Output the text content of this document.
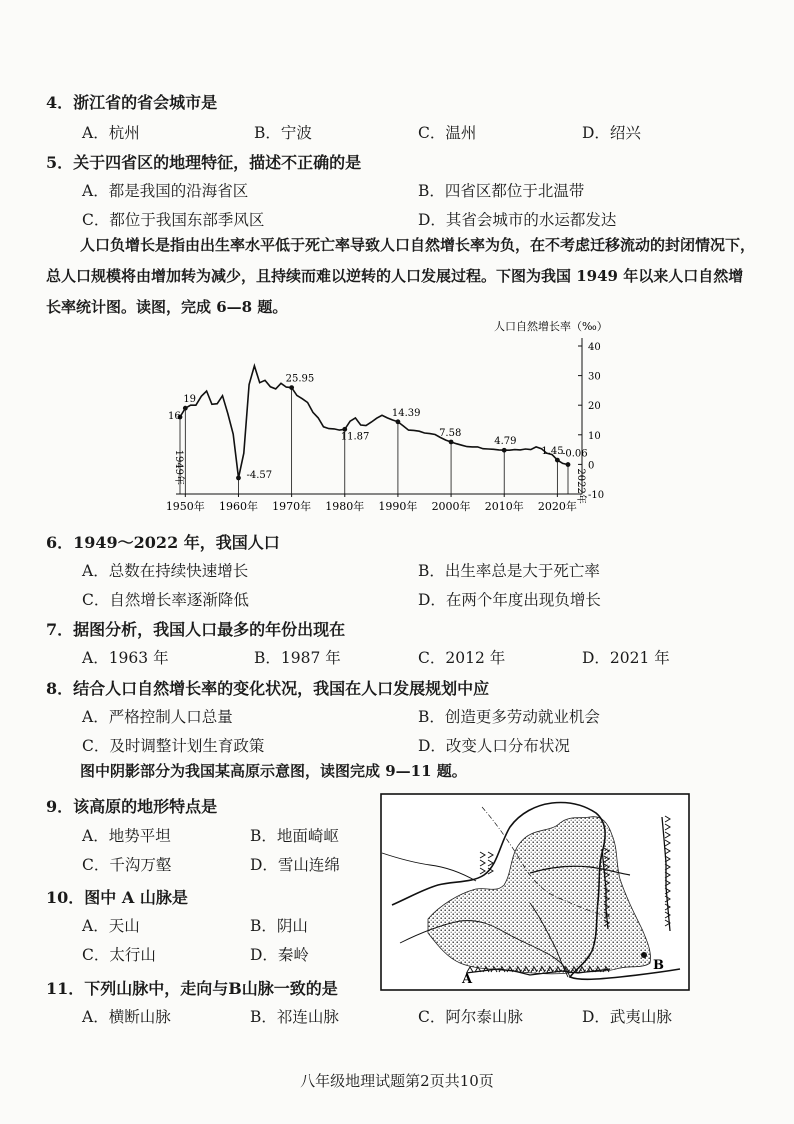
4．浙江省的省会城市是
A．杭州	B．宁波	C．温州	D．绍兴
5．关于四省区的地理特征，描述不正确的是
A．都是我国的沿海省区	B．四省区都位于北温带
C．都位于我国东部季风区	D．其省会城市的水运都发达
人口负增长是指由出生率水平低于死亡率导致人口自然增长率为负，在不考虑迁移流动的封闭情况下，总人口规模将由增加转为减少，且持续而难以逆转的人口发展过程。下图为我国 1949 年以来人口自然增长率统计图。读图，完成 6—8 题。
人口自然增长率（‰）
-10
0
10
20
30
40
16
19
-4.57
25.95
11.87
14.39
7.58
4.79
1.45
-0.06
1950年 1960年 1970年 1980年 1990年 2000年 2010年 2020年
1949年
2022年
6．1949～2022 年，我国人口
A．总数在持续快速增长	B．出生率总是大于死亡率
C．自然增长率逐渐降低	D．在两个年度出现负增长
7．据图分析，我国人口最多的年份出现在
A．1963 年	B．1987 年	C．2012 年	D．2021 年
8．结合人口自然增长率的变化状况，我国在人口发展规划中应
A．严格控制人口总量	B．创造更多劳动就业机会
C．及时调整计划生育政策	D．改变人口分布状况
图中阴影部分为我国某高原示意图，读图完成 9—11 题。
9．该高原的地形特点是
A．地势平坦	B．地面崎岖
C．千沟万壑	D．雪山连绵
10．图中 A 山脉是
A．天山	B．阴山
C．太行山	D．秦岭
11．下列山脉中，走向与B山脉一致的是
A．横断山脉	B．祁连山脉	C．阿尔泰山脉	D．武夷山脉
A
B
八年级地理试题第2页共10页
